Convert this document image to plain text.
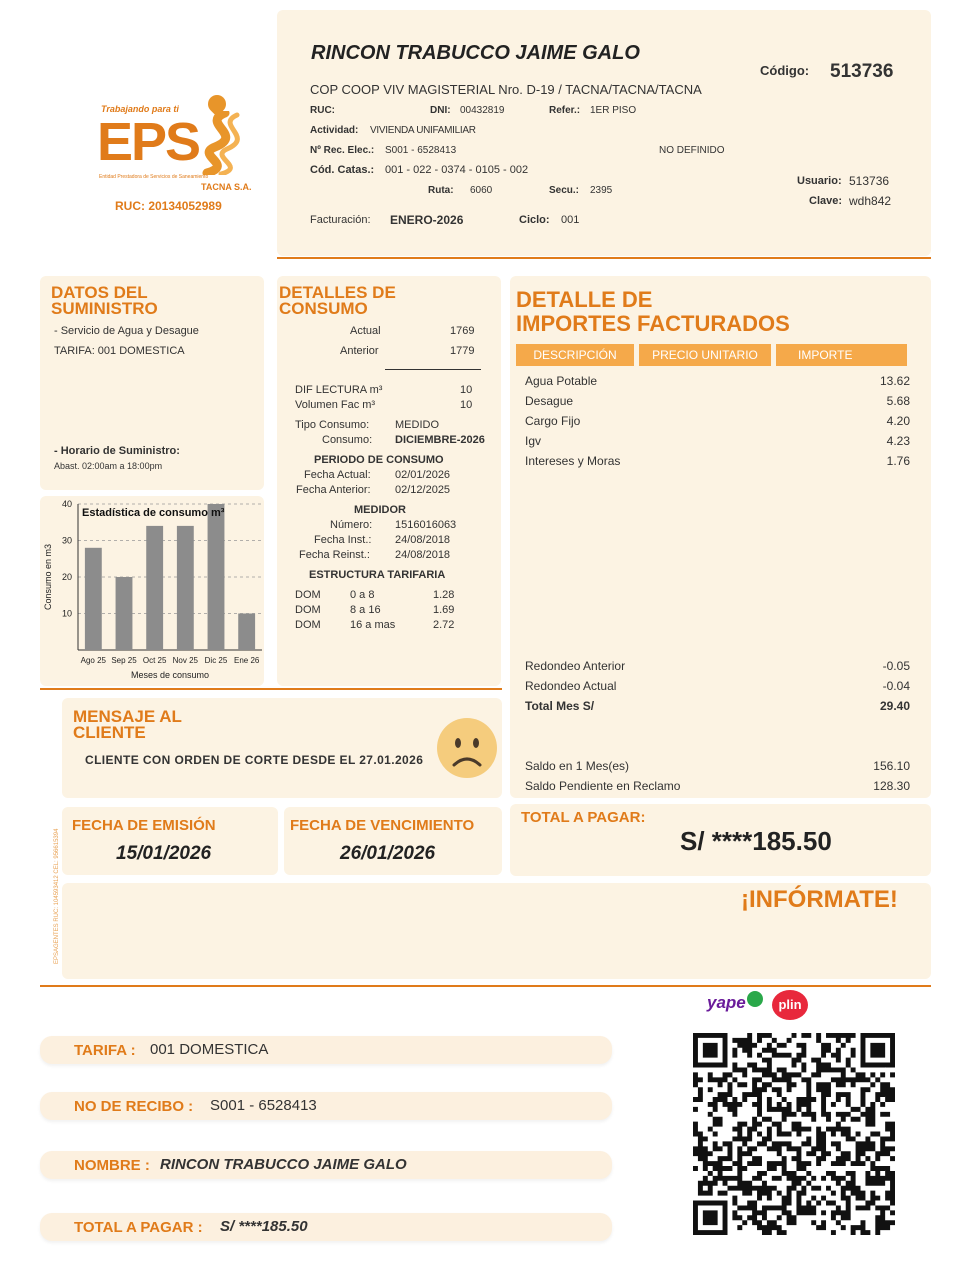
RINCON TRABUCCO JAIME GALO
COP COOP VIV MAGISTERIAL Nro. D-19 / TACNA/TACNA/TACNA
Código: 513736
RUC:	DNI: 00432819	Refer.: 1ER PISO
Actividad: VIVIENDA UNIFAMILIAR
Nº Rec. Elec.: S001 - 6528413	NO DEFINIDO
Cód. Catas.: 001 - 022 - 0374 - 0105 - 002
Ruta: 6060	Secu.: 2395
Usuario: 513736
Clave: wdh842
Facturación: ENERO-2026	Ciclo: 001
Trabajando para ti
EPS
Entidad Prestadora de Servicios de Saneamiento
TACNA S.A.
RUC: 20134052989
DATOS DEL SUMINISTRO
- Servicio de Agua y Desague
TARIFA: 001 DOMESTICA
- Horario de Suministro:
Abast. 02:00am a 18:00pm
10
20
30
40
Ago 25 Sep 25 Oct 25 Nov 25 Dic 25 Ene 26
Estadística de consumo m³
Meses de consumo
Consumo en m3
DETALLES DE CONSUMO
Actual	1769
Anterior	1779
DIF LECTURA m³	10
Volumen Fac m³	10
Tipo Consumo: MEDIDO
Consumo: DICIEMBRE-2026
PERIODO DE CONSUMO
Fecha Actual: 02/01/2026
Fecha Anterior: 02/12/2025
MEDIDOR
Número: 1516016063
Fecha Inst.: 24/08/2018
Fecha Reinst.: 24/08/2018
ESTRUCTURA TARIFARIA
DOM	0 a 8	1.28
DOM	8 a 16	1.69
DOM	16 a mas	2.72
DETALLE DE
IMPORTES FACTURADOS
DESCRIPCIÓN	PRECIO UNITARIO	IMPORTE
Agua Potable	13.62
Desague	5.68
Cargo Fijo	4.20
Igv	4.23
Intereses y Moras	1.76
Redondeo Anterior	-0.05
Redondeo Actual	-0.04
Total Mes S/	29.40
Saldo en 1 Mes(es)	156.10
Saldo Pendiente en Reclamo	128.30
MENSAJE AL CLIENTE
CLIENTE CON ORDEN DE CORTE DESDE EL 27.01.2026
FECHA DE EMISIÓN
15/01/2026
FECHA DE VENCIMIENTO
26/01/2026
TOTAL A PAGAR:
S/ ****185.50
¡INFÓRMATE!
EPSAGENTES RUC: 104593412 CEL: 956615394
yape	plin
TARIFA : 001 DOMESTICA
NO DE RECIBO : S001 - 6528413
NOMBRE : RINCON TRABUCCO JAIME GALO
TOTAL A PAGAR : S/ ****185.50
